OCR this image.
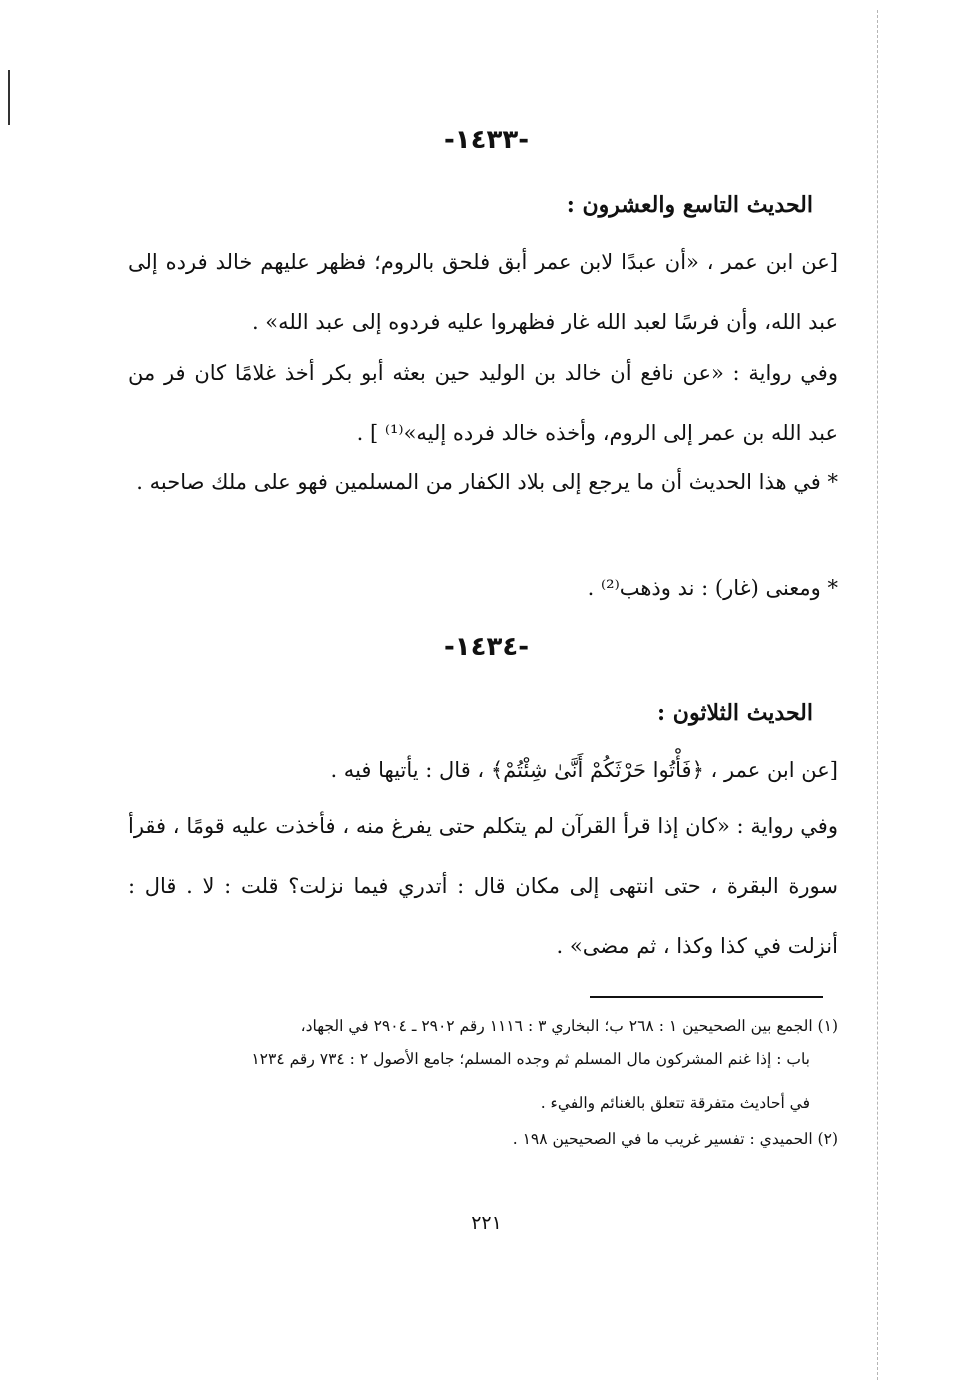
-١٤٣٣-
الحديث التاسع والعشرون :
[عن ابن عمر ، «أن عبدًا لابن عمر أبق فلحق بالروم؛ فظهر عليهم خالد فرده إلى عبد الله، وأن فرسًا لعبد الله غار فظهروا عليه فردوه إلى عبد الله» .
وفي رواية : «عن نافع أن خالد بن الوليد حين بعثه أبو بكر أخذ غلامًا كان فر من عبد الله بن عمر إلى الروم، وأخذه خالد فرده إليه»⁽¹⁾ ] .
* في هذا الحديث أن ما يرجع إلى بلاد الكفار من المسلمين فهو على ملك صاحبه .
* ومعنى (غار) : ند وذهب⁽²⁾ .
-١٤٣٤-
الحديث الثلاثون :
[عن ابن عمر ، ﴿فَأْتُوا حَرْثَكُمْ أَنَّىٰ شِئْتُمْ﴾ ، قال : يأتيها فيه .
وفي رواية : «كان إذا قرأ القرآن لم يتكلم حتى يفرغ منه ، فأخذت عليه قومًا ، فقرأ سورة البقرة ، حتى انتهى إلى مكان قال : أتدري فيما نزلت؟ قلت : لا . قال : أنزلت في كذا وكذا ، ثم مضى» .
(١) الجمع بين الصحيحين ١ : ٢٦٨ ب؛ البخاري ٣ : ١١١٦ رقم ٢٩٠٢ ـ ٢٩٠٤ في الجهاد،
باب : إذا غنم المشركون مال المسلم ثم وجده المسلم؛ جامع الأصول ٢ : ٧٣٤ رقم ١٢٣٤
في أحاديث متفرقة تتعلق بالغنائم والفيء .
(٢) الحميدي : تفسير غريب ما في الصحيحين ١٩٨ .
٢٢١
